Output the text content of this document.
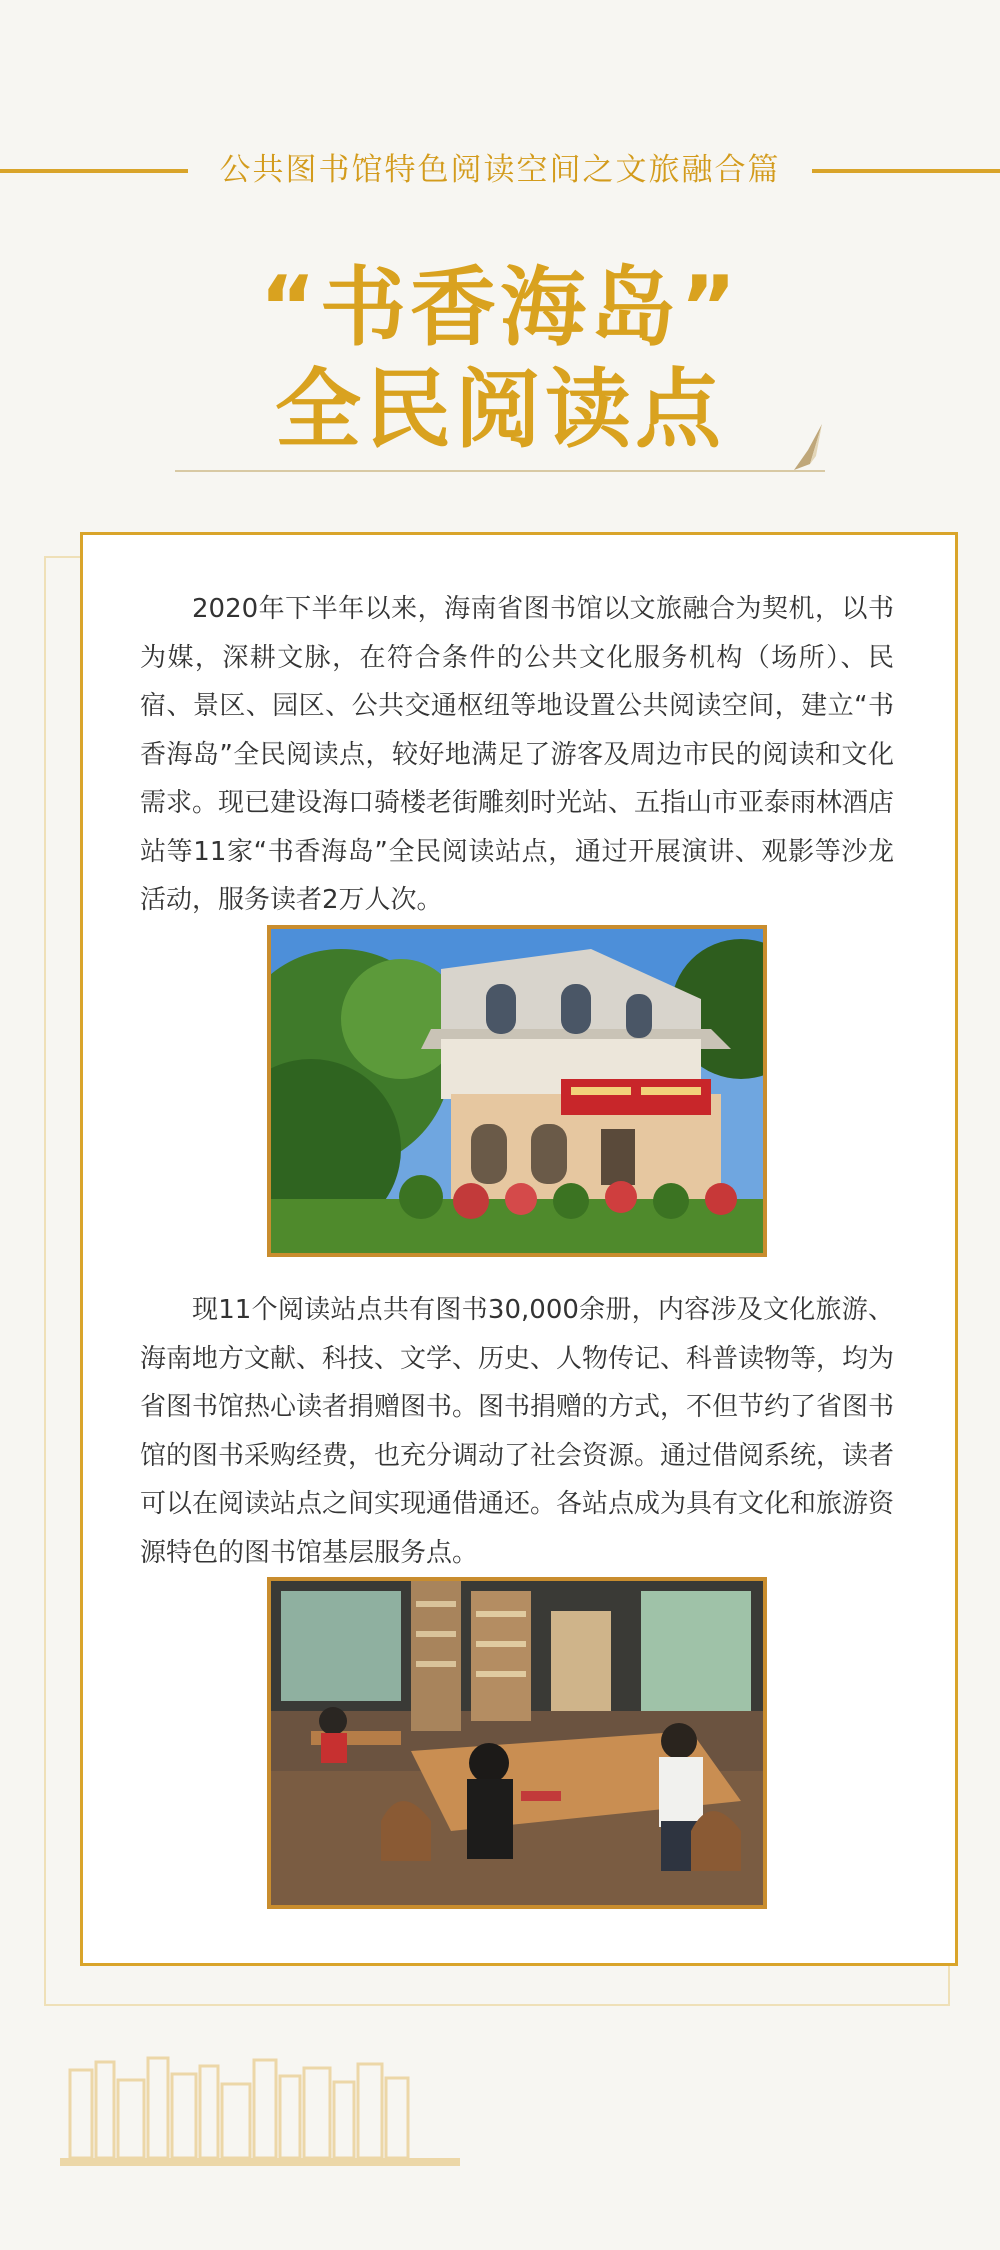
公共图书馆特色阅读空间之文旅融合篇
“书香海岛”
全民阅读点

2020年下半年以来，海南省图书馆以文旅融合为契机，以书为媒，深耕文脉，在符合条件的公共文化服务机构（场所）、民宿、景区、园区、公共交通枢纽等地设置公共阅读空间，建立“书香海岛”全民阅读点，较好地满足了游客及周边市民的阅读和文化需求。现已建设海口骑楼老街雕刻时光站、五指山市亚泰雨林酒店站等11家“书香海岛”全民阅读站点，通过开展演讲、观影等沙龙活动，服务读者2万人次。

现11个阅读站点共有图书30,000余册，内容涉及文化旅游、海南地方文献、科技、文学、历史、人物传记、科普读物等，均为省图书馆热心读者捐赠图书。图书捐赠的方式，不但节约了省图书馆的图书采购经费，也充分调动了社会资源。通过借阅系统，读者可以在阅读站点之间实现通借通还。各站点成为具有文化和旅游资源特色的图书馆基层服务点。
